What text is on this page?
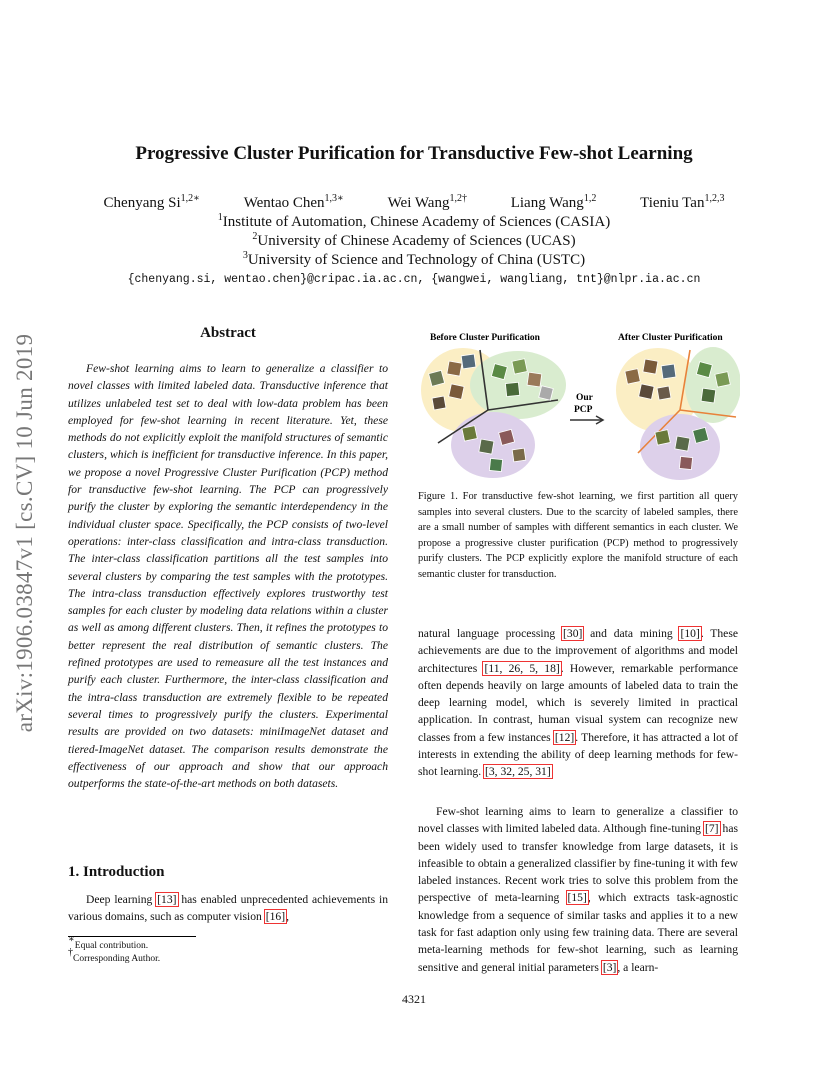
arXiv:1906.03847v1 [cs.CV] 10 Jun 2019
Progressive Cluster Purification for Transductive Few-shot Learning
Chenyang $Si^{1,2∗}$	Wentao Chen$^{1,3∗}$	Wei Wang$^{1,2\dagger}$	Liang Wang$^{1,2}$	Tieniu Tan$^{1,2,3}$
$^1$Institute of Automation, Chinese Academy of Sciences (CASIA)
$^2$University of Chinese Academy of Sciences (UCAS)
$^3$University of Science and Technology of China (USTC)
{chenyang.si, wentao.chen}@cripac.ia.ac.cn, {wangwei, wangliang, tnt}@nlpr.ia.ac.cn
Abstract

Few-shot learning aims to learn to generalize a classifier to novel classes with limited labeled data. Transductive inference that utilizes unlabeled test set to deal with low-data problem has been employed for few-shot learning in recent literature. Yet, these methods do not explicitly exploit the manifold structures of semantic clusters, which is inefficient for transductive inference. In this paper, we propose a novel Progressive Cluster Purification (PCP) method for transductive few-shot learning. The PCP can progressively purify the cluster by exploring the semantic interdependency in the individual cluster space. Specifically, the PCP consists of two-level operations: inter-class classification and intra-class transduction. The inter-class classification partitions all the test samples into several clusters by comparing the test samples with the prototypes. The intra-class transduction effectively explores trustworthy test samples for each cluster by modeling data relations within a cluster as well as among different clusters. Then, it refines the prototypes to better represent the real distribution of semantic clusters. The refined prototypes are used to remeasure all the test instances and purify each cluster. Furthermore, the inter-class classification and the intra-class transduction are extremely flexible to be repeated several times to progressively purify the clusters. Experimental results are provided on two datasets: miniImageNet dataset and tiered-ImageNet dataset. The comparison results demonstrate the effectiveness of our approach and show that our approach outperforms the state-of-the-art methods on both datasets.

1. Introduction

Deep learning [13] has enabled unprecedented achievements in various domains, such as computer vision [16],

∗Equal contribution.
†Corresponding Author.
Before Cluster Purification	After Cluster Purification
Our
PCP

Figure 1. For transductive few-shot learning, we first partition all query samples into several clusters. Due to the scarcity of labeled samples, there are a small number of samples with different semantics in each cluster. We propose a progressive cluster purification (PCP) method to progressively purify clusters. The PCP explicitly explore the manifold structure of each semantic cluster for transduction.

natural language processing [30] and data mining [10]. These achievements are due to the improvement of algorithms and model architectures [11, 26, 5, 18]. However, remarkable performance often depends heavily on large amounts of labeled data to train the deep learning model, which is severely limited in practical application. In contrast, human visual system can recognize new classes from a few instances [12]. Therefore, it has attracted a lot of interests in extending the ability of deep learning methods for few-shot learning. [3, 32, 25, 31]

Few-shot learning aims to learn to generalize a classifier to novel classes with limited labeled data. Although fine-tuning [7] has been widely used to transfer knowledge from large datasets, it is infeasible to obtain a generalized classifier by fine-tuning it with few labeled instances. Recent work tries to solve this problem from the perspective of meta-learning [15], which extracts task-agnostic knowledge from a sequence of similar tasks and applies it to a new task for fast adaption only using few training data. There are several meta-learning methods for few-shot learning, such as learning sensitive and general initial parameters [3], a learn-

4321
